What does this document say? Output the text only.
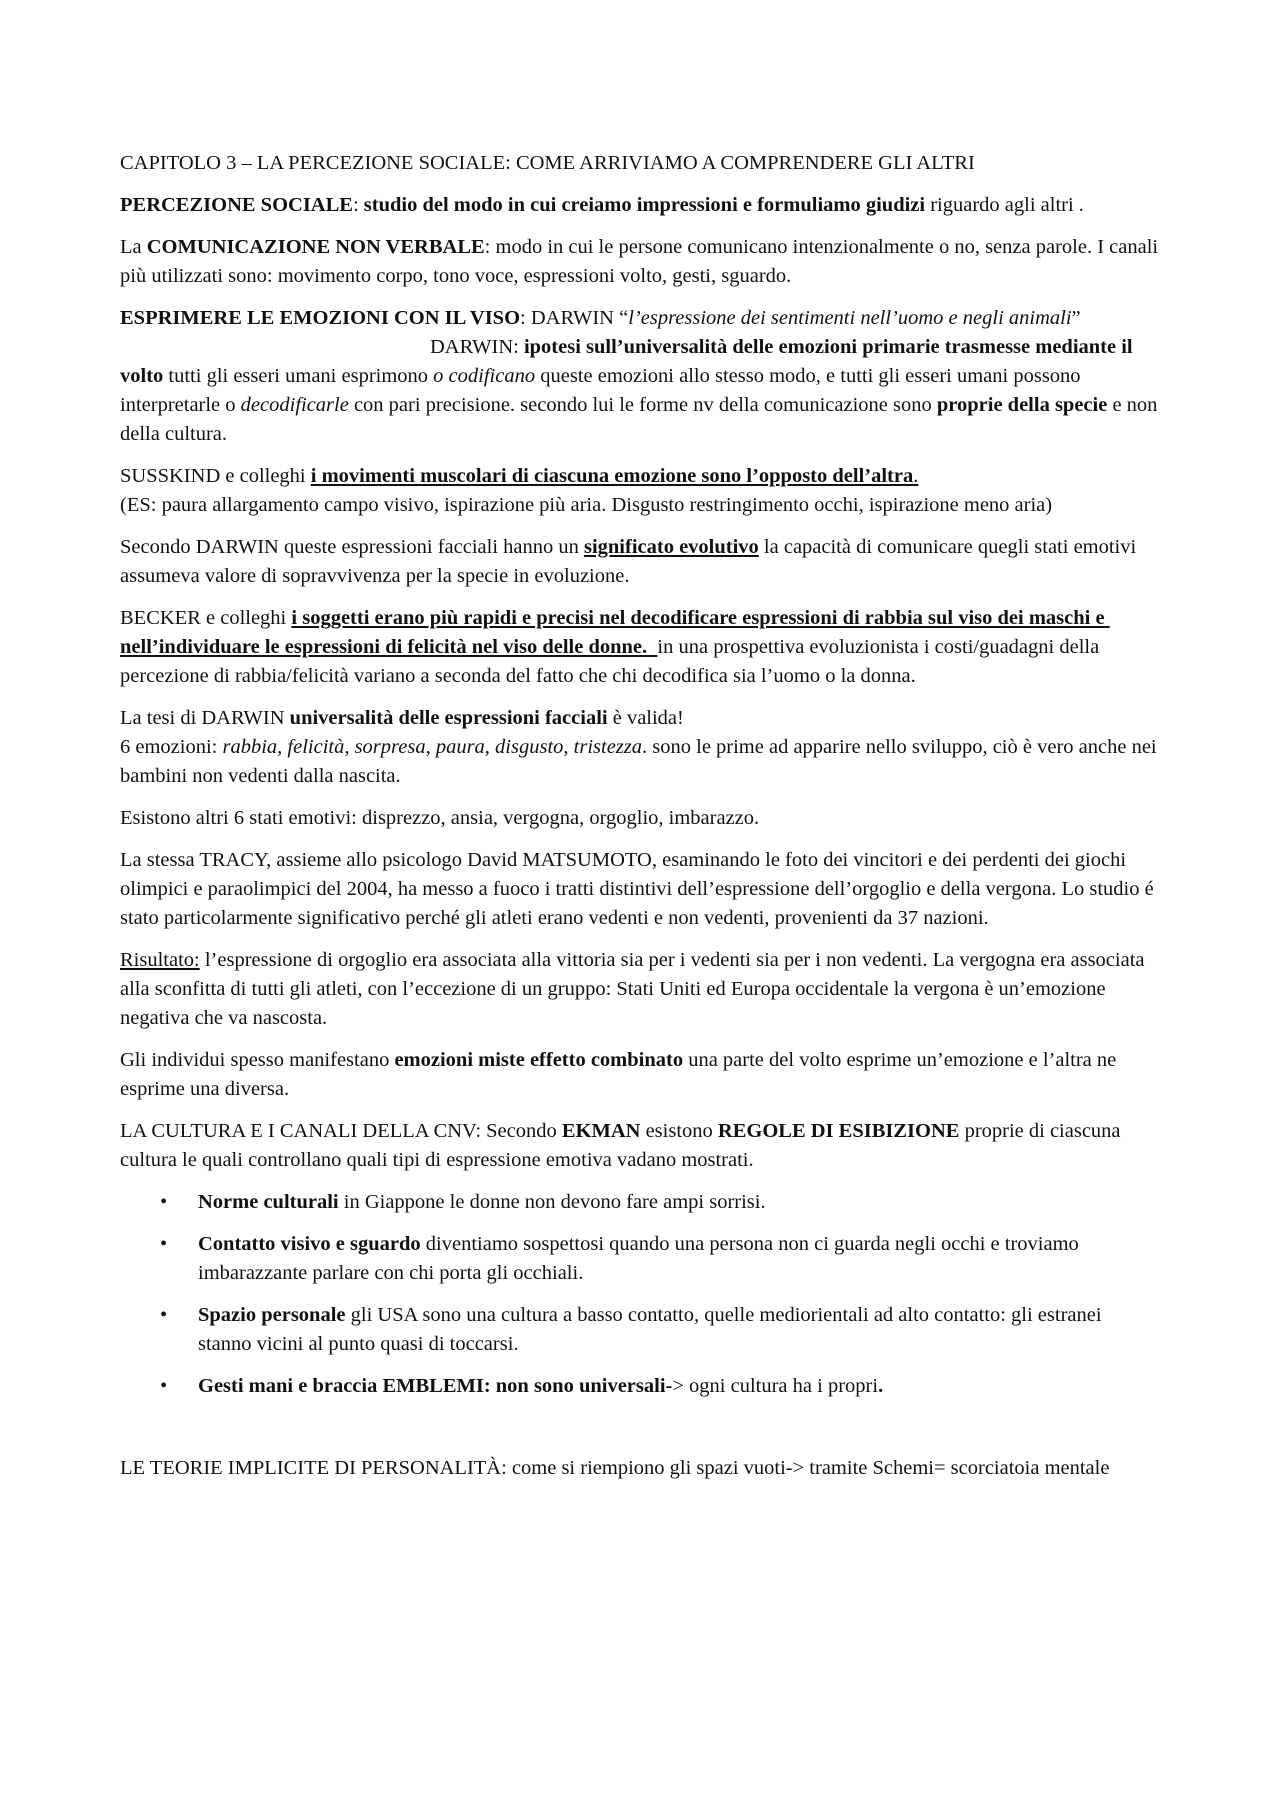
CAPITOLO 3 – LA PERCEZIONE SOCIALE: COME ARRIVIAMO A COMPRENDERE GLI ALTRI

PERCEZIONE SOCIALE: studio del modo in cui creiamo impressioni e formuliamo giudizi riguardo agli altri .

La COMUNICAZIONE NON VERBALE: modo in cui le persone comunicano intenzionalmente o no, senza parole. I canali più utilizzati sono: movimento corpo, tono voce, espressioni volto, gesti, sguardo.

ESPRIMERE LE EMOZIONI CON IL VISO: DARWIN “l’espressione dei sentimenti nell’uomo e negli animali”DARWIN: ipotesi sull’universalità delle emozioni primarie trasmesse mediante il volto tutti gli esseri umani esprimono o codificano queste emozioni allo stesso modo, e tutti gli esseri umani possono interpretarle o decodificarle con pari precisione. secondo lui le forme nv della comunicazione sono proprie della specie e non della cultura.

SUSSKIND e colleghi i movimenti muscolari di ciascuna emozione sono l’opposto dell’altra.
(ES: paura allargamento campo visivo, ispirazione più aria. Disgusto restringimento occhi, ispirazione meno aria)

Secondo DARWIN queste espressioni facciali hanno un significato evolutivo la capacità di comunicare quegli stati emotivi assumeva valore di sopravvivenza per la specie in evoluzione.

BECKER e colleghi i soggetti erano più rapidi e precisi nel decodificare espressioni di rabbia sul viso dei maschi e nell’individuare le espressioni di felicità nel viso delle donne.  in una prospettiva evoluzionista i costi/guadagni della percezione di rabbia/felicità variano a seconda del fatto che chi decodifica sia l’uomo o la donna.

La tesi di DARWIN universalità delle espressioni facciali è valida!
6 emozioni: rabbia, felicità, sorpresa, paura, disgusto, tristezza. sono le prime ad apparire nello sviluppo, ciò è vero anche nei bambini non vedenti dalla nascita.

Esistono altri 6 stati emotivi: disprezzo, ansia, vergogna, orgoglio, imbarazzo.

La stessa TRACY, assieme allo psicologo David MATSUMOTO, esaminando le foto dei vincitori e dei perdenti dei giochi olimpici e paraolimpici del 2004, ha messo a fuoco i tratti distintivi dell’espressione dell’orgoglio e della vergona. Lo studio é stato particolarmente significativo perché gli atleti erano vedenti e non vedenti, provenienti da 37 nazioni.

Risultato: l’espressione di orgoglio era associata alla vittoria sia per i vedenti sia per i non vedenti. La vergogna era associata alla sconfitta di tutti gli atleti, con l’eccezione di un gruppo: Stati Uniti ed Europa occidentale la vergona è un’emozione negativa che va nascosta.

Gli individui spesso manifestano emozioni miste effetto combinato una parte del volto esprime un’emozione e l’altra ne esprime una diversa.

LA CULTURA E I CANALI DELLA CNV: Secondo EKMAN esistono REGOLE DI ESIBIZIONE proprie di ciascuna cultura le quali controllano quali tipi di espressione emotiva vadano mostrati.

• Norme culturali in Giappone le donne non devono fare ampi sorrisi.
• Contatto visivo e sguardo diventiamo sospettosi quando una persona non ci guarda negli occhi e troviamo imbarazzante parlare con chi porta gli occhiali.
• Spazio personale gli USA sono una cultura a basso contatto, quelle mediorientali ad alto contatto: gli estranei stanno vicini al punto quasi di toccarsi.
• Gesti mani e braccia EMBLEMI: non sono universali-> ogni cultura ha i propri.

LE TEORIE IMPLICITE DI PERSONALITÀ: come si riempiono gli spazi vuoti-> tramite Schemi= scorciatoia mentale
